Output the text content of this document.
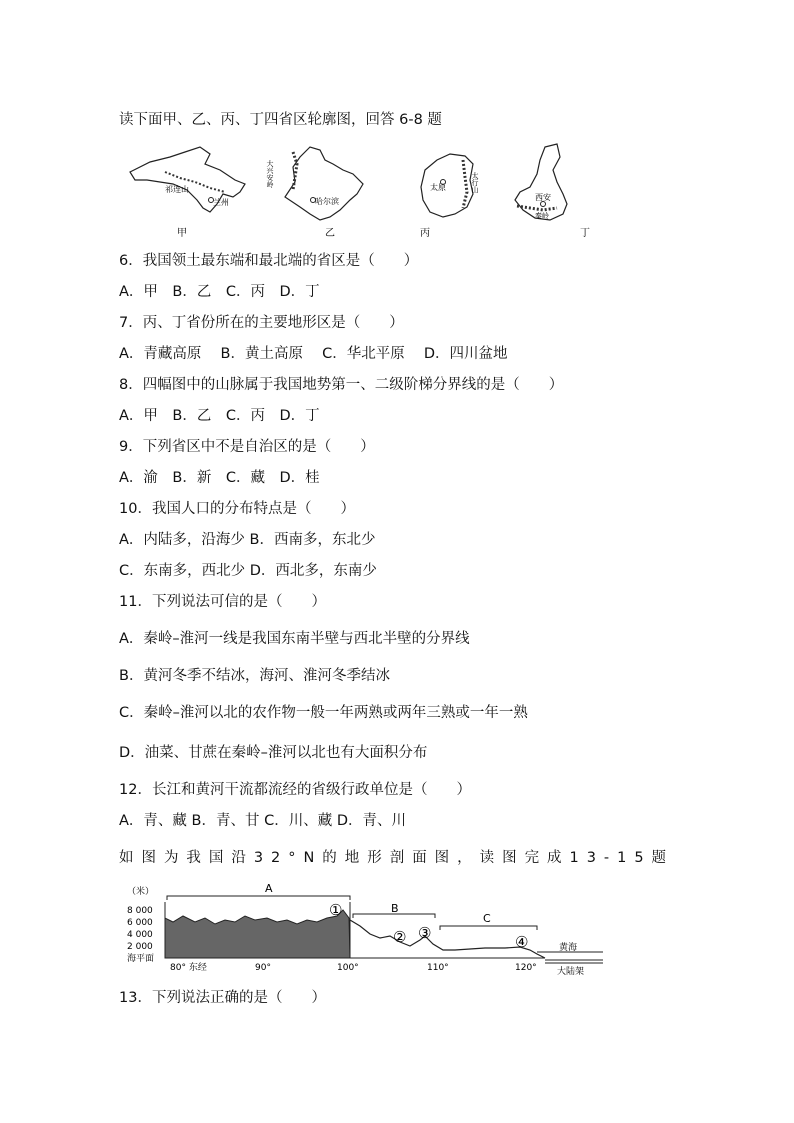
读下面甲、乙、丙、丁四省区轮廓图，回答 6-8 题
祁连山
兰州
甲
大兴安岭
哈尔滨
乙
太原	太行山
丙
西安
秦岭
丁
6．我国领土最东端和最北端的省区是（　　）
A．甲　B．乙　C．丙　D．丁
7．丙、丁省份所在的主要地形区是（　　）
A．青藏高原　 B．黄土高原　 C．华北平原　 D．四川盆地
8．四幅图中的山脉属于我国地势第一、二级阶梯分界线的是（　　）
A．甲　B．乙　C．丙　D．丁
9．下列省区中不是自治区的是（　　）
A．渝　B．新　C．藏　D．桂
10．我国人口的分布特点是（　　）
A．内陆多，沿海少 B．西南多，东北少
C．东南多，西北少 D．西北多，东南少
11．下列说法可信的是（　　）
A．秦岭–淮河一线是我国东南半壁与西北半壁的分界线
B．黄河冬季不结冰，海河、淮河冬季结冰
C．秦岭–淮河以北的农作物一般一年两熟或两年三熟或一年一熟
D．油菜、甘蔗在秦岭–淮河以北也有大面积分布
12．长江和黄河干流都流经的省级行政单位是（　　）
A．青、藏 B．青、甘 C．川、藏 D．青、川
如图为我国沿32°N的地形剖面图，读图完成13-15题
（米）
8 000
6 000
4 000
2 000
海平面
黄海
大陆架
A
B
C
①
② ③	④
80° 东经	90°	100°	110°	120°
13．下列说法正确的是（　　）
